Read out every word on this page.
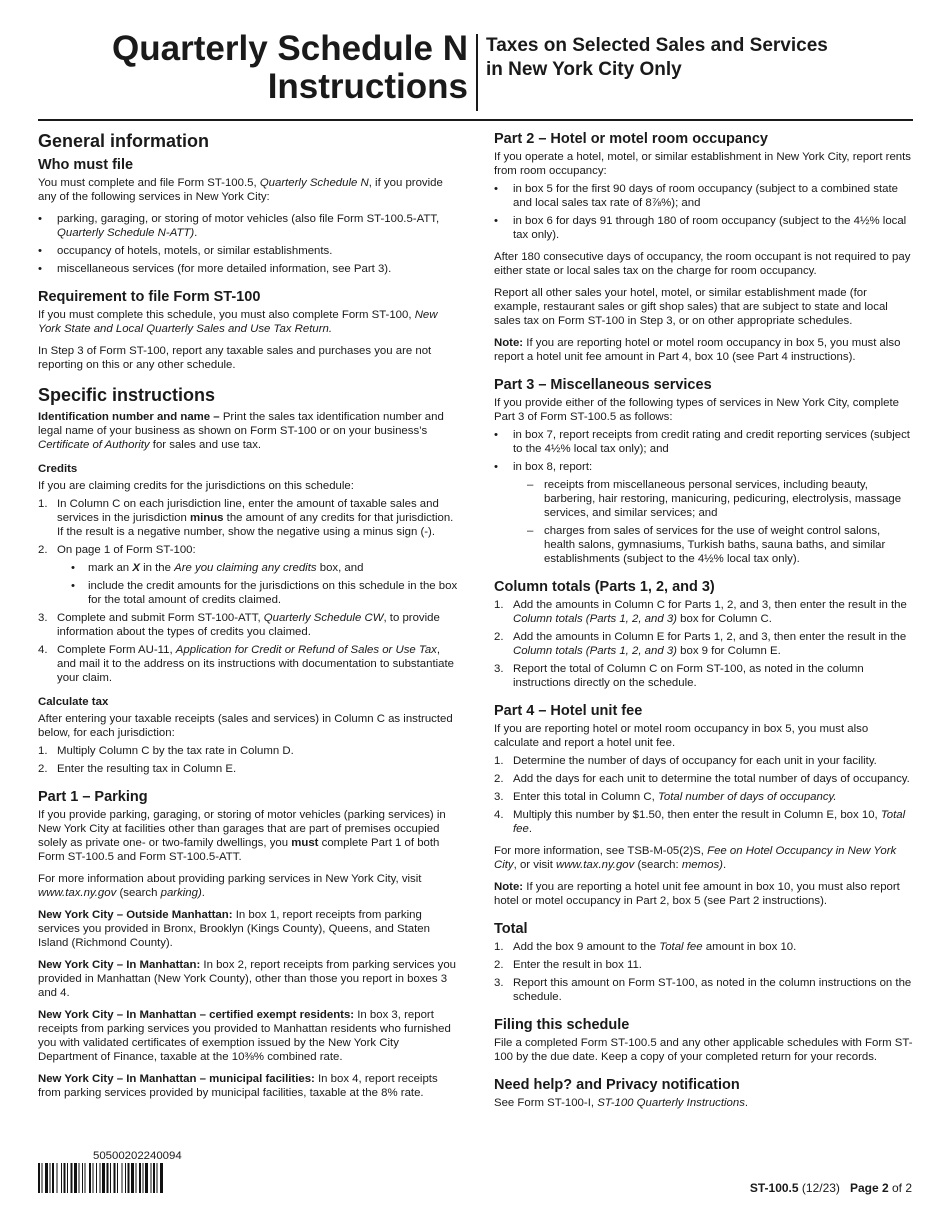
Quarterly Schedule N
Instructions
Taxes on Selected Sales and Services
in New York City Only
General information
Who must file

You must complete and file Form ST-100.5, Quarterly Schedule N, if you provide any of the following services in New York City:

• parking, garaging, or storing of motor vehicles (also file Form ST-100.5-ATT, Quarterly Schedule N-ATT).
• occupancy of hotels, motels, or similar establishments.
• miscellaneous services (for more detailed information, see Part 3).
Requirement to file Form ST-100

If you must complete this schedule, you must also complete Form ST-100, New York State and Local Quarterly Sales and Use Tax Return.

In Step 3 of Form ST-100, report any taxable sales and purchases you are not reporting on this or any other schedule.

Specific instructions

Identification number and name – Print the sales tax identification number and legal name of your business as shown on Form ST-100 or on your business’s Certificate of Authority for sales and use tax.

Credits

If you are claiming credits for the jurisdictions on this schedule:

1. In Column C on each jurisdiction line, enter the amount of taxable sales and services in the jurisdiction minus the amount of any credits for that jurisdiction. If the result is a negative number, show the negative using a minus sign (-).
2. On page 1 of Form ST-100:
• mark an X in the Are you claiming any credits box, and
• include the credit amounts for the jurisdictions on this schedule in the box for the total amount of credits claimed.
3. Complete and submit Form ST-100-ATT, Quarterly Schedule CW, to provide information about the types of credits you claimed.
4. Complete Form AU-11, Application for Credit or Refund of Sales or Use Tax, and mail it to the address on its instructions with documentation to substantiate your claim.
Calculate tax

After entering your taxable receipts (sales and services) in Column C as instructed below, for each jurisdiction:

1. Multiply Column C by the tax rate in Column D.
2. Enter the resulting tax in Column E.
Part 1 – Parking

If you provide parking, garaging, or storing of motor vehicles (parking services) in New York City at facilities other than garages that are part of premises occupied solely as private one- or two-family dwellings, you must complete Part 1 of both Form ST-100.5 and Form ST-100.5-ATT.

For more information about providing parking services in New York City, visit www.tax.ny.gov (search parking).

New York City – Outside Manhattan: In box 1, report receipts from parking services you provided in Bronx, Brooklyn (Kings County), Queens, and Staten Island (Richmond County).

New York City – In Manhattan: In box 2, report receipts from parking services you provided in Manhattan (New York County), other than those you report in boxes 3 and 4.

New York City – In Manhattan – certified exempt residents: In box 3, report receipts from parking services you provided to Manhattan residents who furnished you with validated certificates of exemption issued by the New York City Department of Finance, taxable at the 10⅜% combined rate.

New York City – In Manhattan – municipal facilities: In box 4, report receipts from parking services provided by municipal facilities, taxable at the 8% rate.

Part 2 – Hotel or motel room occupancy

If you operate a hotel, motel, or similar establishment in New York City, report rents from room occupancy:

• in box 5 for the first 90 days of room occupancy (subject to a combined state and local sales tax rate of 8⅞%); and
• in box 6 for days 91 through 180 of room occupancy (subject to the 4½% local tax only).

After 180 consecutive days of occupancy, the room occupant is not required to pay either state or local sales tax on the charge for room occupancy.

Report all other sales your hotel, motel, or similar establishment made (for example, restaurant sales or gift shop sales) that are subject to state and local sales tax on Form ST-100 in Step 3, or on other appropriate schedules.

Note: If you are reporting hotel or motel room occupancy in box 5, you must also report a hotel unit fee amount in Part 4, box 10 (see Part 4 instructions).

Part 3 – Miscellaneous services

If you provide either of the following types of services in New York City, complete Part 3 of Form ST-100.5 as follows:

• in box 7, report receipts from credit rating and credit reporting services (subject to the 4½% local tax only); and
• in box 8, report:
– receipts from miscellaneous personal services, including beauty, barbering, hair restoring, manicuring, pedicuring, electrolysis, massage services, and similar services; and
– charges from sales of services for the use of weight control salons, health salons, gymnasiums, Turkish baths, sauna baths, and similar establishments (subject to the 4½% local tax only).
Column totals (Parts 1, 2, and 3)
1. Add the amounts in Column C for Parts 1, 2, and 3, then enter the result in the Column totals (Parts 1, 2, and 3) box for Column C.
2. Add the amounts in Column E for Parts 1, 2, and 3, then enter the result in the Column totals (Parts 1, 2, and 3) box 9 for Column E.
3. Report the total of Column C on Form ST-100, as noted in the column instructions directly on the schedule.
Part 4 – Hotel unit fee

If you are reporting hotel or motel room occupancy in box 5, you must also calculate and report a hotel unit fee.

1. Determine the number of days of occupancy for each unit in your facility.
2. Add the days for each unit to determine the total number of days of occupancy.
3. Enter this total in Column C, Total number of days of occupancy.
4. Multiply this number by $1.50, then enter the result in Column E, box 10, Total fee.

For more information, see TSB-M-05(2)S, Fee on Hotel Occupancy in New York City, or visit www.tax.ny.gov (search: memos).

Note: If you are reporting a hotel unit fee amount in box 10, you must also report hotel or motel occupancy in Part 2, box 5 (see Part 2 instructions).

Total
1. Add the box 9 amount to the Total fee amount in box 10.
2. Enter the result in box 11.
3. Report this amount on Form ST-100, as noted in the column instructions on the schedule.
Filing this schedule

File a completed Form ST-100.5 and any other applicable schedules with Form ST-100 by the due date. Keep a copy of your completed return for your records.

Need help? and Privacy notification

See Form ST-100-I, ST-100 Quarterly Instructions.

50500202240094
ST-100.5 (12/23) Page 2 of 2
